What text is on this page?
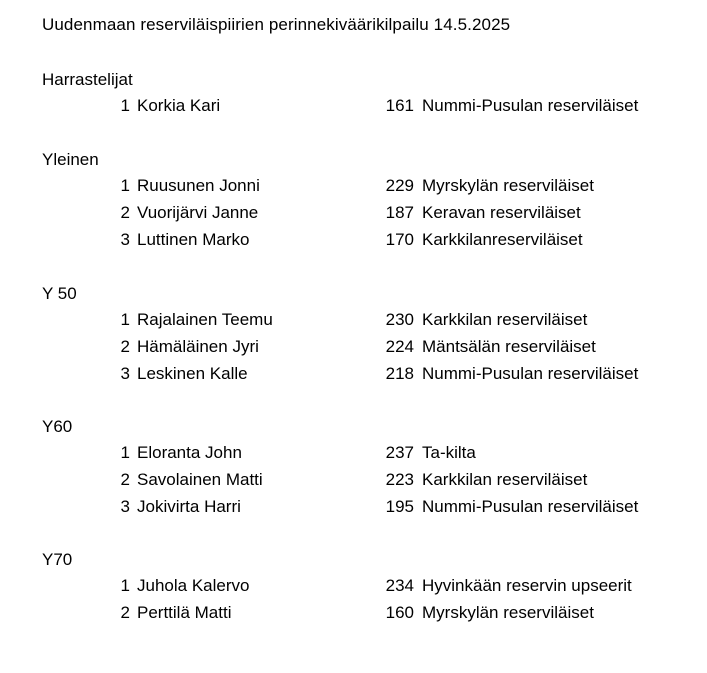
Uudenmaan reserviläispiirien perinnekiväärikilpailu 14.5.2025
Harrastelijat
1 Korkia Kari	161 Nummi-Pusulan reserviläiset
Yleinen
1 Ruusunen Jonni	229 Myrskylän reserviläiset
2 Vuorijärvi Janne	187 Keravan reserviläiset
3 Luttinen Marko	170 Karkkilanreserviläiset
Y 50
1 Rajalainen Teemu	230 Karkkilan reserviläiset
2 Hämäläinen Jyri	224 Mäntsälän reserviläiset
3 Leskinen Kalle	218 Nummi-Pusulan reserviläiset
Y60
1 Eloranta John	237 Ta-kilta
2 Savolainen Matti	223 Karkkilan reserviläiset
3 Jokivirta Harri	195 Nummi-Pusulan reserviläiset
Y70
1 Juhola Kalervo	234 Hyvinkään reservin upseerit
2 Perttilä Matti	160 Myrskylän reserviläiset
